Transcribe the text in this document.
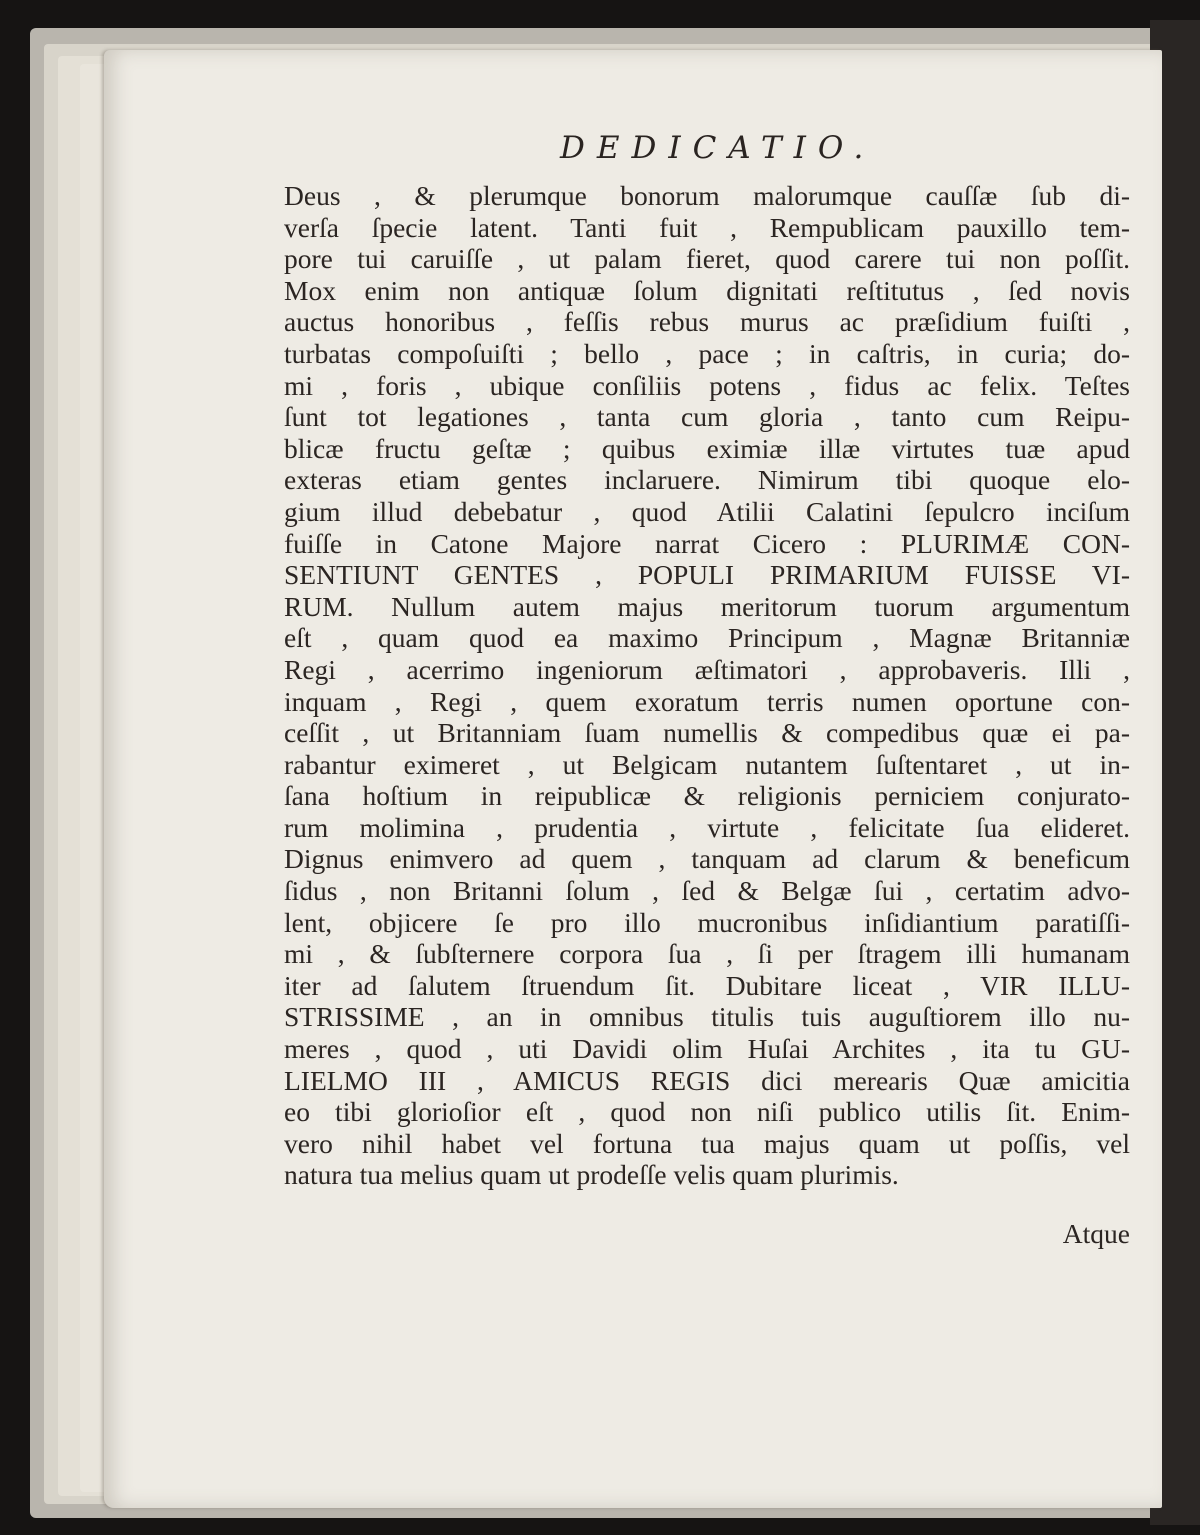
DEDICATIO.
Deus , & plerumque bonorum malorumque cauſſæ ſub di-
verſa ſpecie latent. Tanti fuit , Rempublicam pauxillo tem-
pore tui caruiſſe , ut palam fieret, quod carere tui non poſſit.
Mox enim non antiquæ ſolum dignitati reſtitutus , ſed novis
auctus honoribus , feſſis rebus murus ac præſidium fuiſti ,
turbatas compoſuiſti ; bello , pace ; in caſtris, in curia; do-
mi , foris , ubique conſiliis potens , fidus ac felix. Teſtes
ſunt tot legationes , tanta cum gloria , tanto cum Reipu-
blicæ fructu geſtæ ; quibus eximiæ illæ virtutes tuæ apud
exteras etiam gentes inclaruere. Nimirum tibi quoque elo-
gium illud debebatur , quod Atilii Calatini ſepulcro inciſum
fuiſſe in Catone Majore narrat Cicero : PLURIMÆ CON-
SENTIUNT GENTES , POPULI PRIMARIUM FUISSE VI-
RUM. Nullum autem majus meritorum tuorum argumentum
eſt , quam quod ea maximo Principum , Magnæ Britanniæ
Regi , acerrimo ingeniorum æſtimatori , approbaveris. Illi ,
inquam , Regi , quem exoratum terris numen oportune con-
ceſſit , ut Britanniam ſuam numellis & compedibus quæ ei pa-
rabantur eximeret , ut Belgicam nutantem ſuſtentaret , ut in-
ſana hoſtium in reipublicæ & religionis perniciem conjurato-
rum molimina , prudentia , virtute , felicitate ſua elideret.
Dignus enimvero ad quem , tanquam ad clarum & beneficum
ſidus , non Britanni ſolum , ſed & Belgæ ſui , certatim advo-
lent, objicere ſe pro illo mucronibus inſidiantium paratiſſi-
mi , & ſubſternere corpora ſua , ſi per ſtragem illi humanam
iter ad ſalutem ſtruendum ſit. Dubitare liceat , VIR ILLU-
STRISSIME , an in omnibus titulis tuis auguſtiorem illo nu-
meres , quod , uti Davidi olim Huſai Archites , ita tu GU-
LIELMO III , AMICUS REGIS dici merearis Quæ amicitia
eo tibi glorioſior eſt , quod non niſi publico utilis ſit. Enim-
vero nihil habet vel fortuna tua majus quam ut poſſis, vel
natura tua melius quam ut prodeſſe velis quam plurimis.
Atque
